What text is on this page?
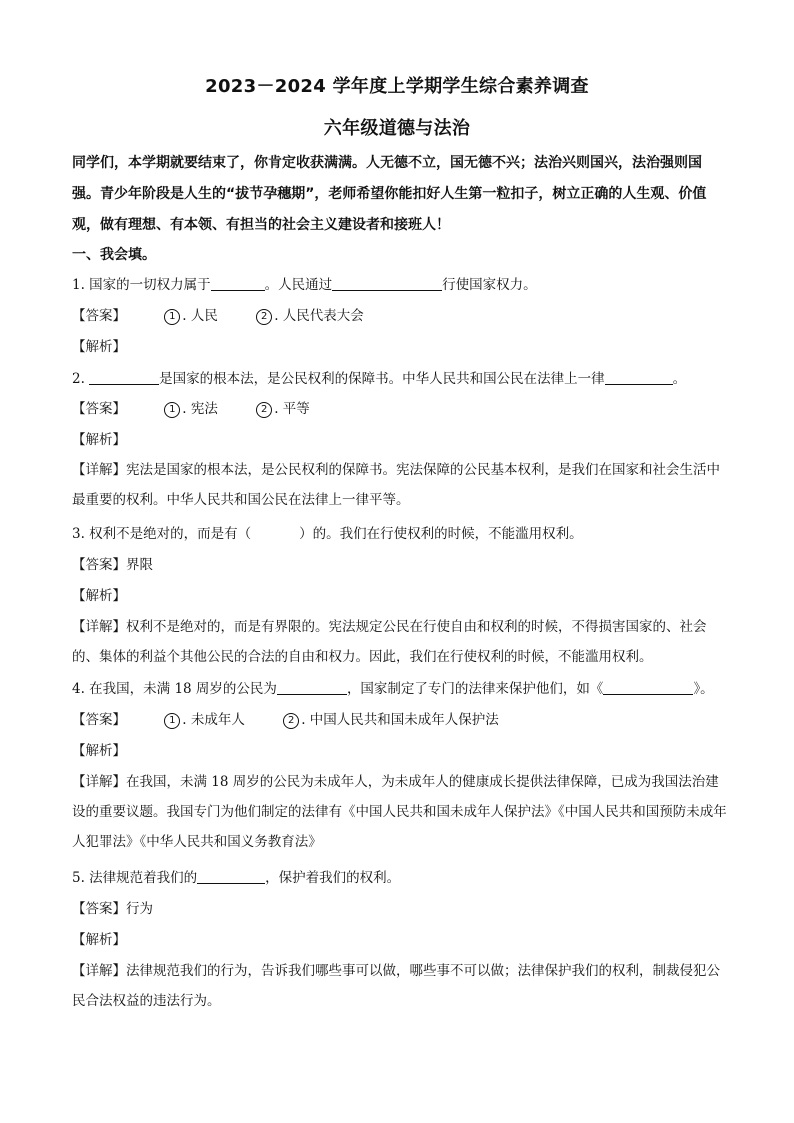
2023－2024 学年度上学期学生综合素养调查
六年级道德与法治

同学们，本学期就要结束了，你肯定收获满满。人无德不立，国无德不兴；法治兴则国兴，法治强则国强。青少年阶段是人生的“拔节孕穗期”，老师希望你能扣好人生第一粒扣子，树立正确的人生观、价值观，做有理想、有本领、有担当的社会主义建设者和接班人！

一、我会填。
1. 国家的一切权力属于	。人民通过	行使国家权力。
【答案】	1 . 人民	2 . 人民代表大会
【解析】
2.	是国家的根本法，是公民权利的保障书。中华人民共和国公民在法律上一律	。
【答案】	1 . 宪法	2 . 平等
【解析】

【详解】宪法是国家的根本法，是公民权利的保障书。宪法保障的公民基本权利，是我们在国家和社会生活中最重要的权利。中华人民共和国公民在法律上一律平等。

3. 权利不是绝对的，而是有（	）的。我们在行使权利的时候，不能滥用权利。
【答案】界限
【解析】

【详解】权利不是绝对的，而是有界限的。宪法规定公民在行使自由和权利的时候，不得损害国家的、社会的、集体的利益个其他公民的合法的自由和权力。因此，我们在行使权利的时候，不能滥用权利。

4. 在我国，未满 18 周岁的公民为	，国家制定了专门的法律来保护他们，如《	》。
【答案】	1 . 未成年人	2 . 中国人民共和国未成年人保护法
【解析】

【详解】在我国，未满 18 周岁的公民为未成年人，为未成年人的健康成长提供法律保障，已成为我国法治建设的重要议题。我国专门为他们制定的法律有《中国人民共和国未成年人保护法》《中国人民共和国预防未成年人犯罪法》《中华人民共和国义务教育法》

5. 法律规范着我们的	，保护着我们的权利。
【答案】行为
【解析】

【详解】法律规范我们的行为，告诉我们哪些事可以做，哪些事不可以做；法律保护我们的权利，制裁侵犯公民合法权益的违法行为。
